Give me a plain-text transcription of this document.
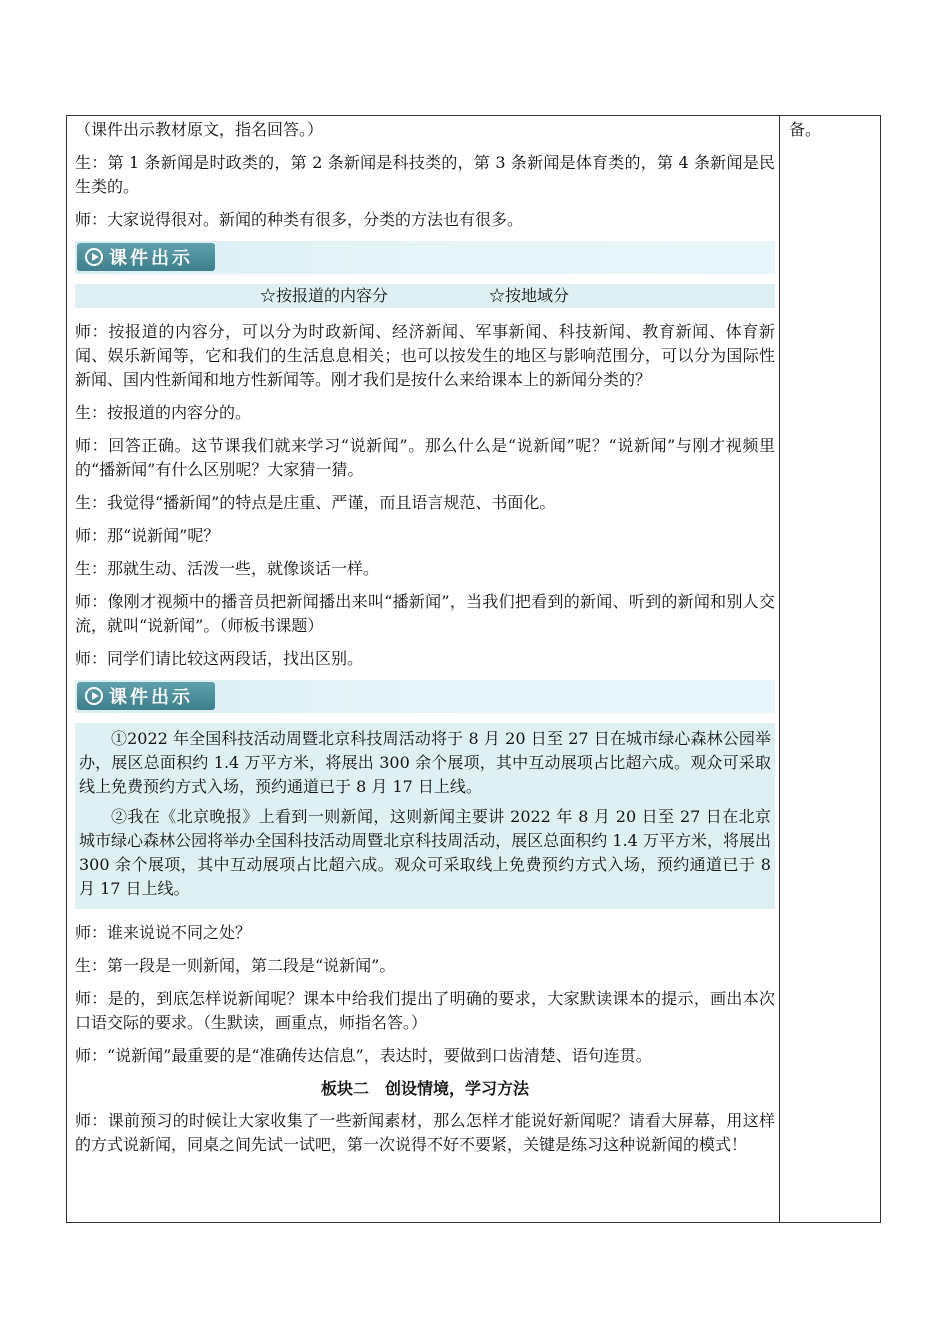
备。

（课件出示教材原文，指名回答。）

生：第 1 条新闻是时政类的，第 2 条新闻是科技类的，第 3 条新闻是体育类的，第 4 条新闻是民生类的。

师：大家说得很对。新闻的种类有很多，分类的方法也有很多。

课件出示
☆按报道的内容分	☆按地域分

师：按报道的内容分，可以分为时政新闻、经济新闻、军事新闻、科技新闻、教育新闻、体育新闻、娱乐新闻等，它和我们的生活息息相关；也可以按发生的地区与影响范围分，可以分为国际性新闻、国内性新闻和地方性新闻等。刚才我们是按什么来给课本上的新闻分类的？

生：按报道的内容分的。

师：回答正确。这节课我们就来学习“说新闻”。那么什么是“说新闻”呢？“说新闻”与刚才视频里的“播新闻”有什么区别呢？大家猜一猜。

生：我觉得“播新闻”的特点是庄重、严谨，而且语言规范、书面化。

师：那“说新闻”呢？

生：那就生动、活泼一些，就像谈话一样。

师：像刚才视频中的播音员把新闻播出来叫“播新闻”，当我们把看到的新闻、听到的新闻和别人交流，就叫“说新闻”。（师板书课题）

师：同学们请比较这两段话，找出区别。

课件出示

①2022 年全国科技活动周暨北京科技周活动将于 8 月 20 日至 27 日在城市绿心森林公园举办，展区总面积约 1.4 万平方米，将展出 300 余个展项，其中互动展项占比超六成。观众可采取线上免费预约方式入场，预约通道已于 8 月 17 日上线。

②我在《北京晚报》上看到一则新闻，这则新闻主要讲 2022 年 8 月 20 日至 27 日在北京城市绿心森林公园将举办全国科技活动周暨北京科技周活动，展区总面积约 1.4 万平方米，将展出 300 余个展项，其中互动展项占比超六成。观众可采取线上免费预约方式入场，预约通道已于 8 月 17 日上线。

师：谁来说说不同之处？

生：第一段是一则新闻，第二段是“说新闻”。

师：是的，到底怎样说新闻呢？课本中给我们提出了明确的要求，大家默读课本的提示，画出本次口语交际的要求。（生默读，画重点，师指名答。）

师：“说新闻”最重要的是“准确传达信息”，表达时，要做到口齿清楚、语句连贯。

板块二　创设情境，学习方法

师：课前预习的时候让大家收集了一些新闻素材，那么怎样才能说好新闻呢？请看大屏幕，用这样的方式说新闻，同桌之间先试一试吧，第一次说得不好不要紧，关键是练习这种说新闻的模式！
